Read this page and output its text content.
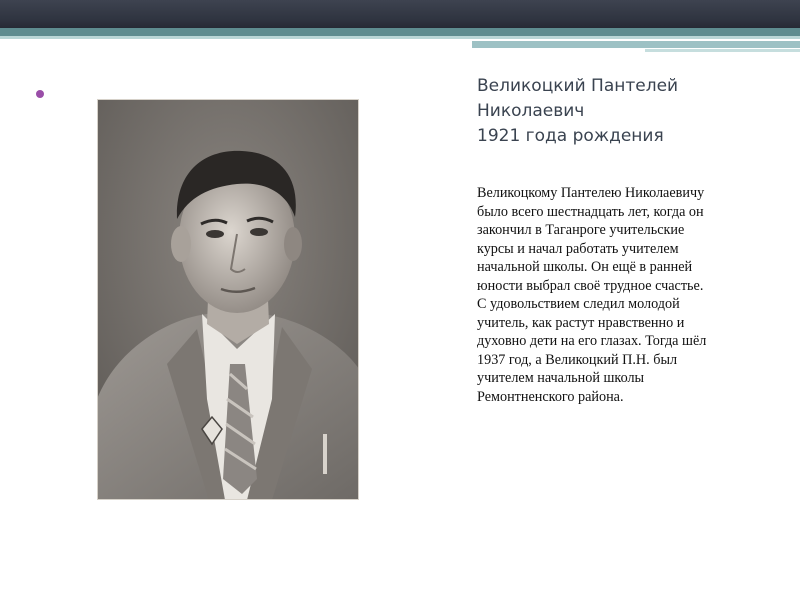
Великоцкий Пантелей
Николаевич
1921 года рождения
Великоцкому Пантелею Николаевичу
было всего шестнадцать лет, когда он
закончил в Таганроге учительские
курсы и начал работать учителем
начальной школы. Он ещё в ранней
юности выбрал своё трудное счастье.
С удовольствием следил молодой
учитель, как растут нравственно и
духовно дети на его глазах. Тогда шёл
1937 год, а Великоцкий П.Н. был
учителем начальной школы
Ремонтненского района.
